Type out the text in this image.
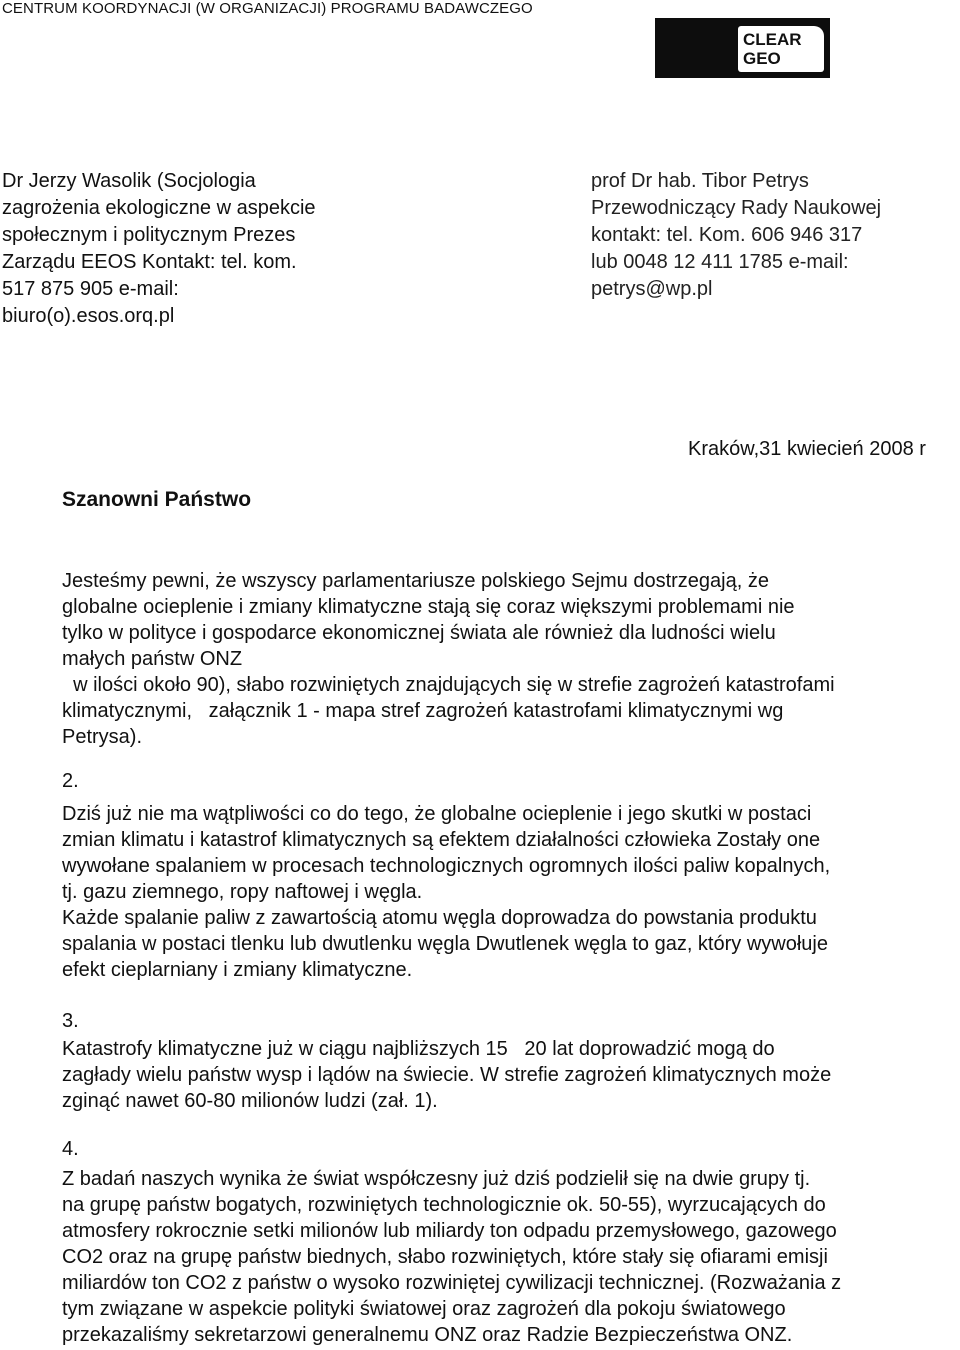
CENTRUM KOORDYNACJI (W ORGANIZACJI) PROGRAMU BADAWCZEGO
CLEAR
GEO
Dr Jerzy Wasolik (Socjologia
zagrożenia ekologiczne w aspekcie
społecznym i politycznym Prezes
Zarządu EEOS Kontakt: tel. kom.
517 875 905 e-mail:
biuro(o).esos.orq.pl
prof Dr hab. Tibor Petrys
Przewodniczący Rady Naukowej
kontakt: tel. Kom. 606 946 317
lub 0048 12 411 1785 e-mail:
petrys@wp.pl
Kraków,31 kwiecień 2008 r
Szanowni Państwo
Jesteśmy pewni, że wszyscy parlamentariusze polskiego Sejmu dostrzegają, że
globalne ocieplenie i zmiany klimatyczne stają się coraz większymi problemami nie
tylko w polityce i gospodarce ekonomicznej świata ale również dla ludności wielu
małych państw ONZ
w ilości około 90), słabo rozwiniętych znajdujących się w strefie zagrożeń katastrofami
klimatycznymi,   załącznik 1 - mapa stref zagrożeń katastrofami klimatycznymi wg
Petrysa).
2.
Dziś już nie ma wątpliwości co do tego, że globalne ocieplenie i jego skutki w postaci
zmian klimatu i katastrof klimatycznych są efektem działalności człowieka Zostały one
wywołane spalaniem w procesach technologicznych ogromnych ilości paliw kopalnych,
tj. gazu ziemnego, ropy naftowej i węgla.
Każde spalanie paliw z zawartością atomu węgla doprowadza do powstania produktu
spalania w postaci tlenku lub dwutlenku węgla Dwutlenek węgla to gaz, który wywołuje
efekt cieplarniany i zmiany klimatyczne.
3.
Katastrofy klimatyczne już w ciągu najbliższych 15   20 lat doprowadzić mogą do
zagłady wielu państw wysp i lądów na świecie. W strefie zagrożeń klimatycznych może
zginąć nawet 60-80 milionów ludzi (zał. 1).
4.
Z badań naszych wynika że świat współczesny już dziś podzielił się na dwie grupy tj.
na grupę państw bogatych, rozwiniętych technologicznie ok. 50-55), wyrzucających do
atmosfery rokrocznie setki milionów lub miliardy ton odpadu przemysłowego, gazowego
CO2 oraz na grupę państw biednych, słabo rozwiniętych, które stały się ofiarami emisji
miliardów ton CO2 z państw o wysoko rozwiniętej cywilizacji technicznej. (Rozważania z
tym związane w aspekcie polityki światowej oraz zagrożeń dla pokoju światowego
przekazaliśmy sekretarzowi generalnemu ONZ oraz Radzie Bezpieczeństwa ONZ.
